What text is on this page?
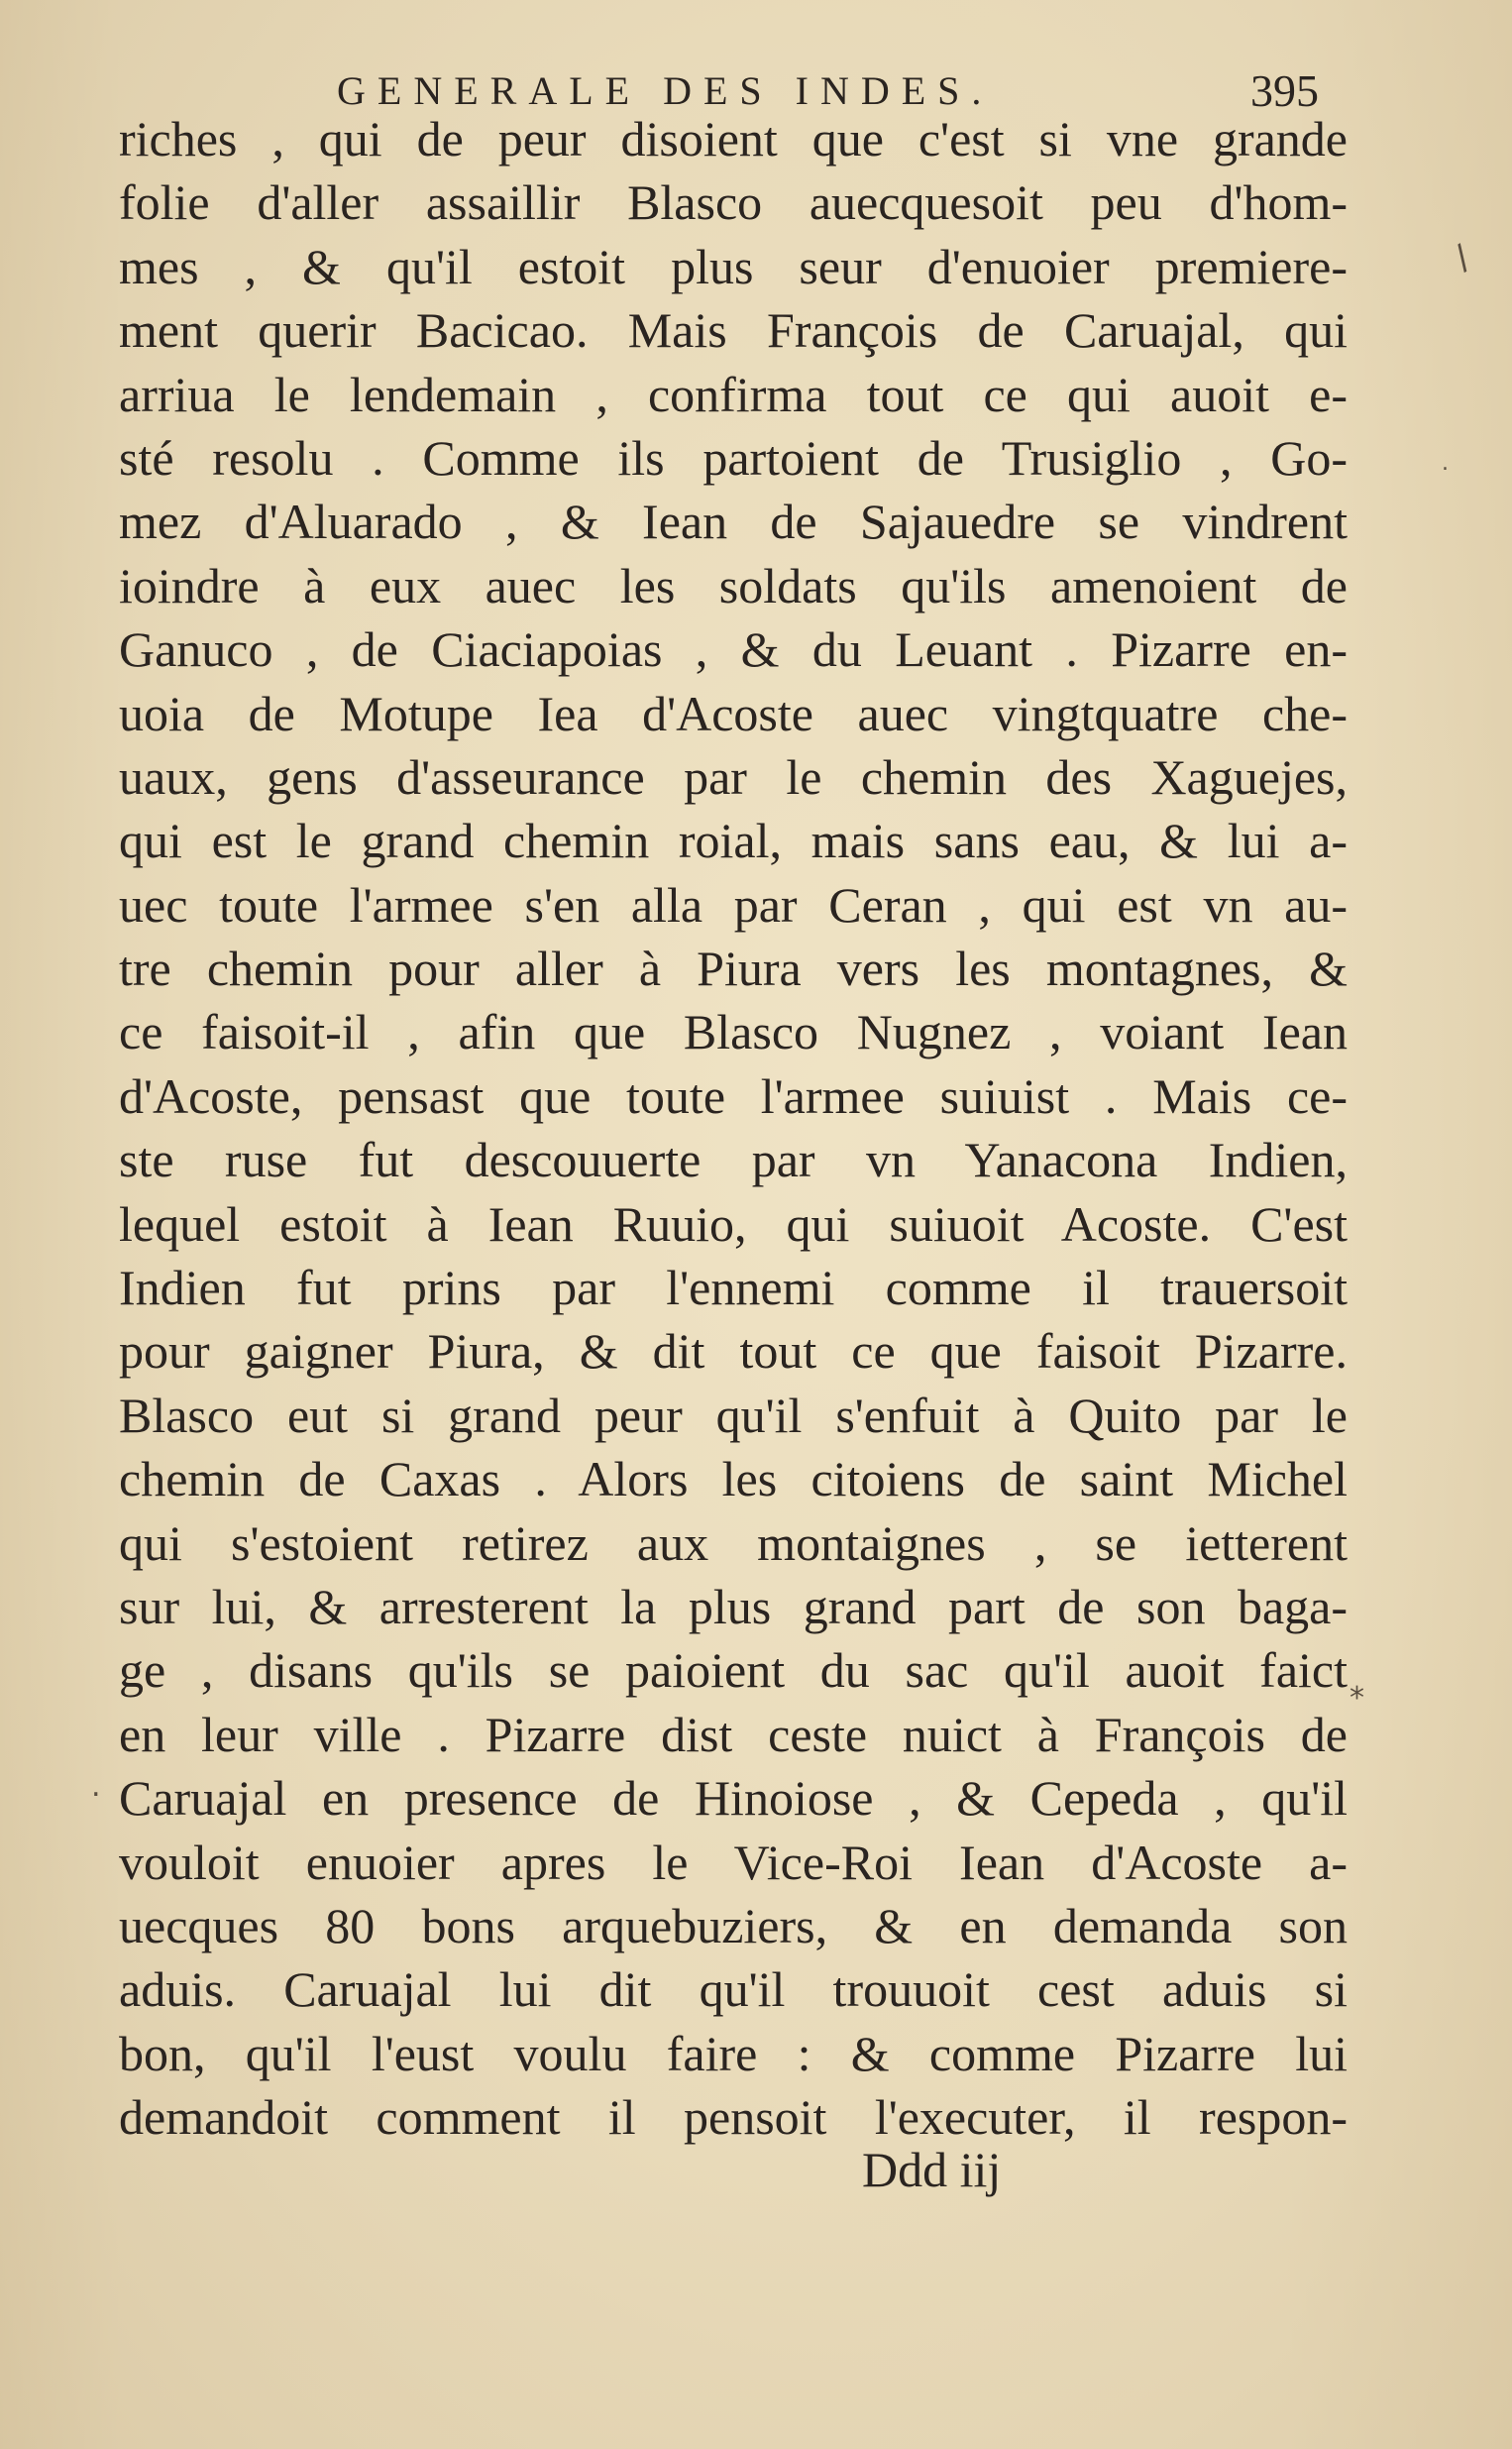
GENERALE DES INDES.	395
riches , qui de peur disoient que c'est si vne grande
folie d'aller assaillir Blasco auecquesoit peu d'hom-
mes , & qu'il estoit plus seur d'enuoier premiere-
ment querir Bacicao. Mais François de Caruajal, qui
arriua le lendemain , confirma tout ce qui auoit e-
sté resolu . Comme ils partoient de Trusiglio , Go-
mez d'Aluarado , & Iean de Sajauedre se vindrent
ioindre à eux auec les soldats qu'ils amenoient de
Ganuco , de Ciaciapoias , & du Leuant . Pizarre en-
uoia de Motupe Iea d'Acoste auec vingtquatre che-
uaux, gens d'asseurance par le chemin des Xaguejes,
qui est le grand chemin roial, mais sans eau, & lui a-
uec toute l'armee s'en alla par Ceran , qui est vn au-
tre chemin pour aller à Piura vers les montagnes, &
ce faisoit-il , afin que Blasco Nugnez , voiant Iean
d'Acoste, pensast que toute l'armee suiuist . Mais ce-
ste ruse fut descouuerte par vn Yanacona Indien,
lequel estoit à Iean Ruuio, qui suiuoit Acoste. C'est
Indien fut prins par l'ennemi comme il trauersoit
pour gaigner Piura, & dit tout ce que faisoit Pizarre.
Blasco eut si grand peur qu'il s'enfuit à Quito par le
chemin de Caxas . Alors les citoiens de saint Michel
qui s'estoient retirez aux montaignes , se ietterent
sur lui, & arresterent la plus grand part de son baga-
ge , disans qu'ils se paioient du sac qu'il auoit faict
en leur ville . Pizarre dist ceste nuict à François de
Caruajal en presence de Hinoiose , & Cepeda , qu'il
vouloit enuoier apres le Vice-Roi Iean d'Acoste a-
uecques 80 bons arquebuziers, & en demanda son
aduis. Caruajal lui dit qu'il trouuoit cest aduis si
bon, qu'il l'eust voulu faire : & comme Pizarre lui
demandoit comment il pensoit l'executer, il respon-
Ddd iij
/
.
*
.
